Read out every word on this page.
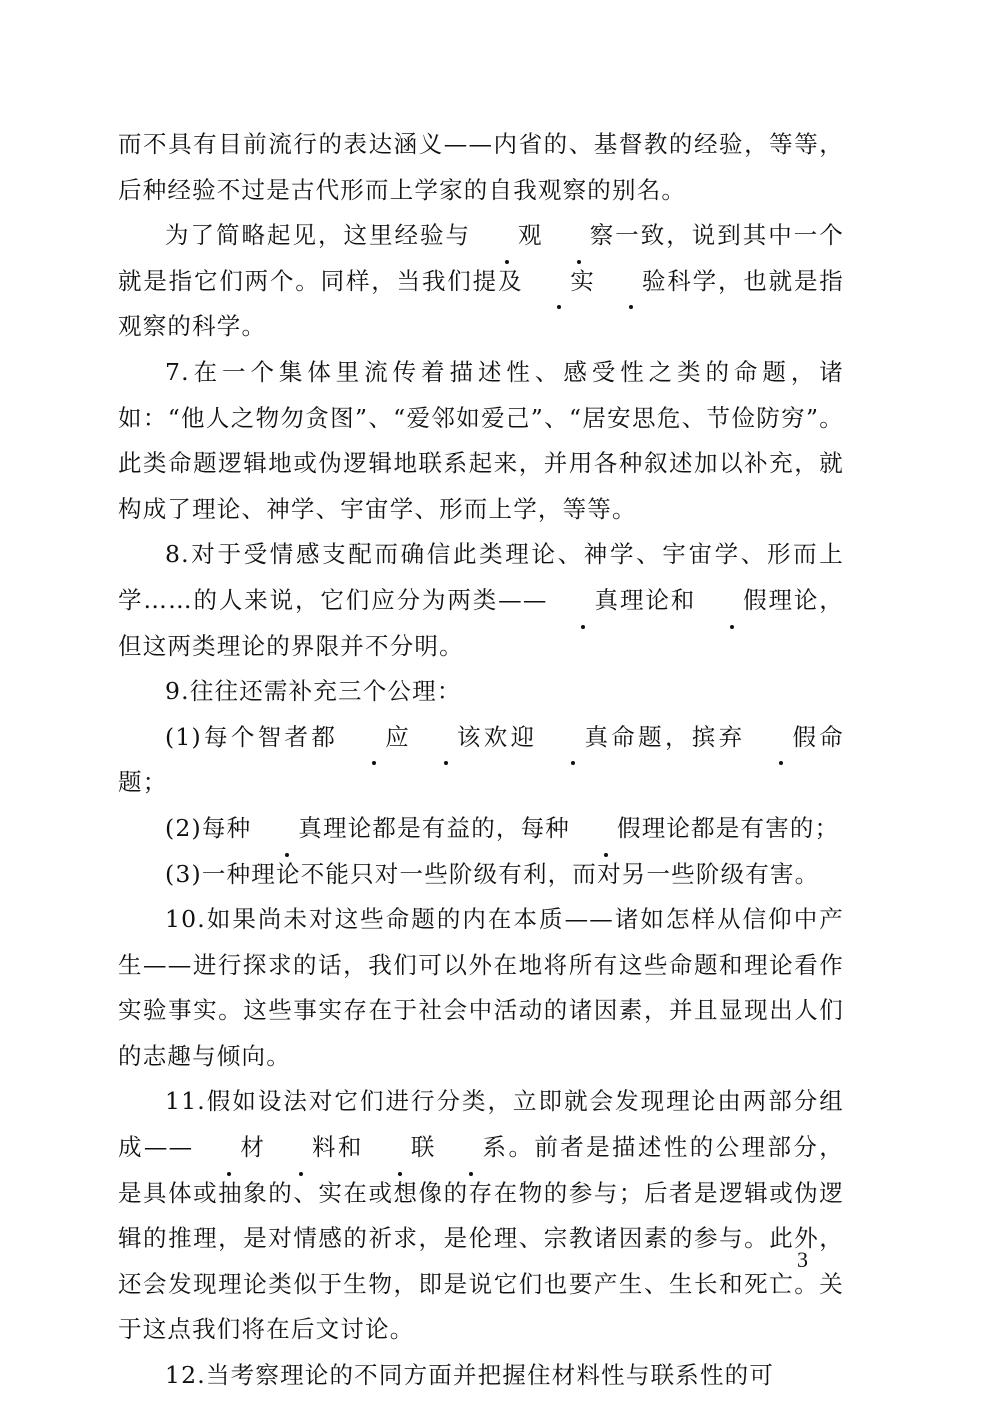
而不具有目前流行的表达涵义——内省的、基督教的经验，等等，后种经验不过是古代形而上学家的自我观察的别名。

为了简略起见，这里经验与 观 察一致，说到其中一个就是指它们两个。同样，当我们提及 实 验科学，也就是指观察的科学。

7.在一个集体里流传着描述性、感受性之类的命题，诸如：“他人之物勿贪图”、“爱邻如爱己”、“居安思危、节俭防穷”。此类命题逻辑地或伪逻辑地联系起来，并用各种叙述加以补充，就构成了理论、神学、宇宙学、形而上学，等等。

8.对于受情感支配而确信此类理论、神学、宇宙学、形而上学……的人来说，它们应分为两类—— 真理论和 假理论，但这两类理论的界限并不分明。

9.往往还需补充三个公理：

(1)每个智者都 应 该欢迎 真命题，摈弃 假命题；

(2)每种 真理论都是有益的，每种 假理论都是有害的；

(3)一种理论不能只对一些阶级有利，而对另一些阶级有害。

10.如果尚未对这些命题的内在本质——诸如怎样从信仰中产生——进行探求的话，我们可以外在地将所有这些命题和理论看作实验事实。这些事实存在于社会中活动的诸因素，并且显现出人们的志趣与倾向。

11.假如设法对它们进行分类，立即就会发现理论由两部分组成—— 材 料和 联 系。前者是描述性的公理部分，是具体或抽象的、实在或想像的存在物的参与；后者是逻辑或伪逻辑的推理，是对情感的祈求，是伦理、宗教诸因素的参与。此外，还会发现理论类似于生物，即是说它们也要产生、生长和死亡。关于这点我们将在后文讨论。

12.当考察理论的不同方面并把握住材料性与联系性的可

3
